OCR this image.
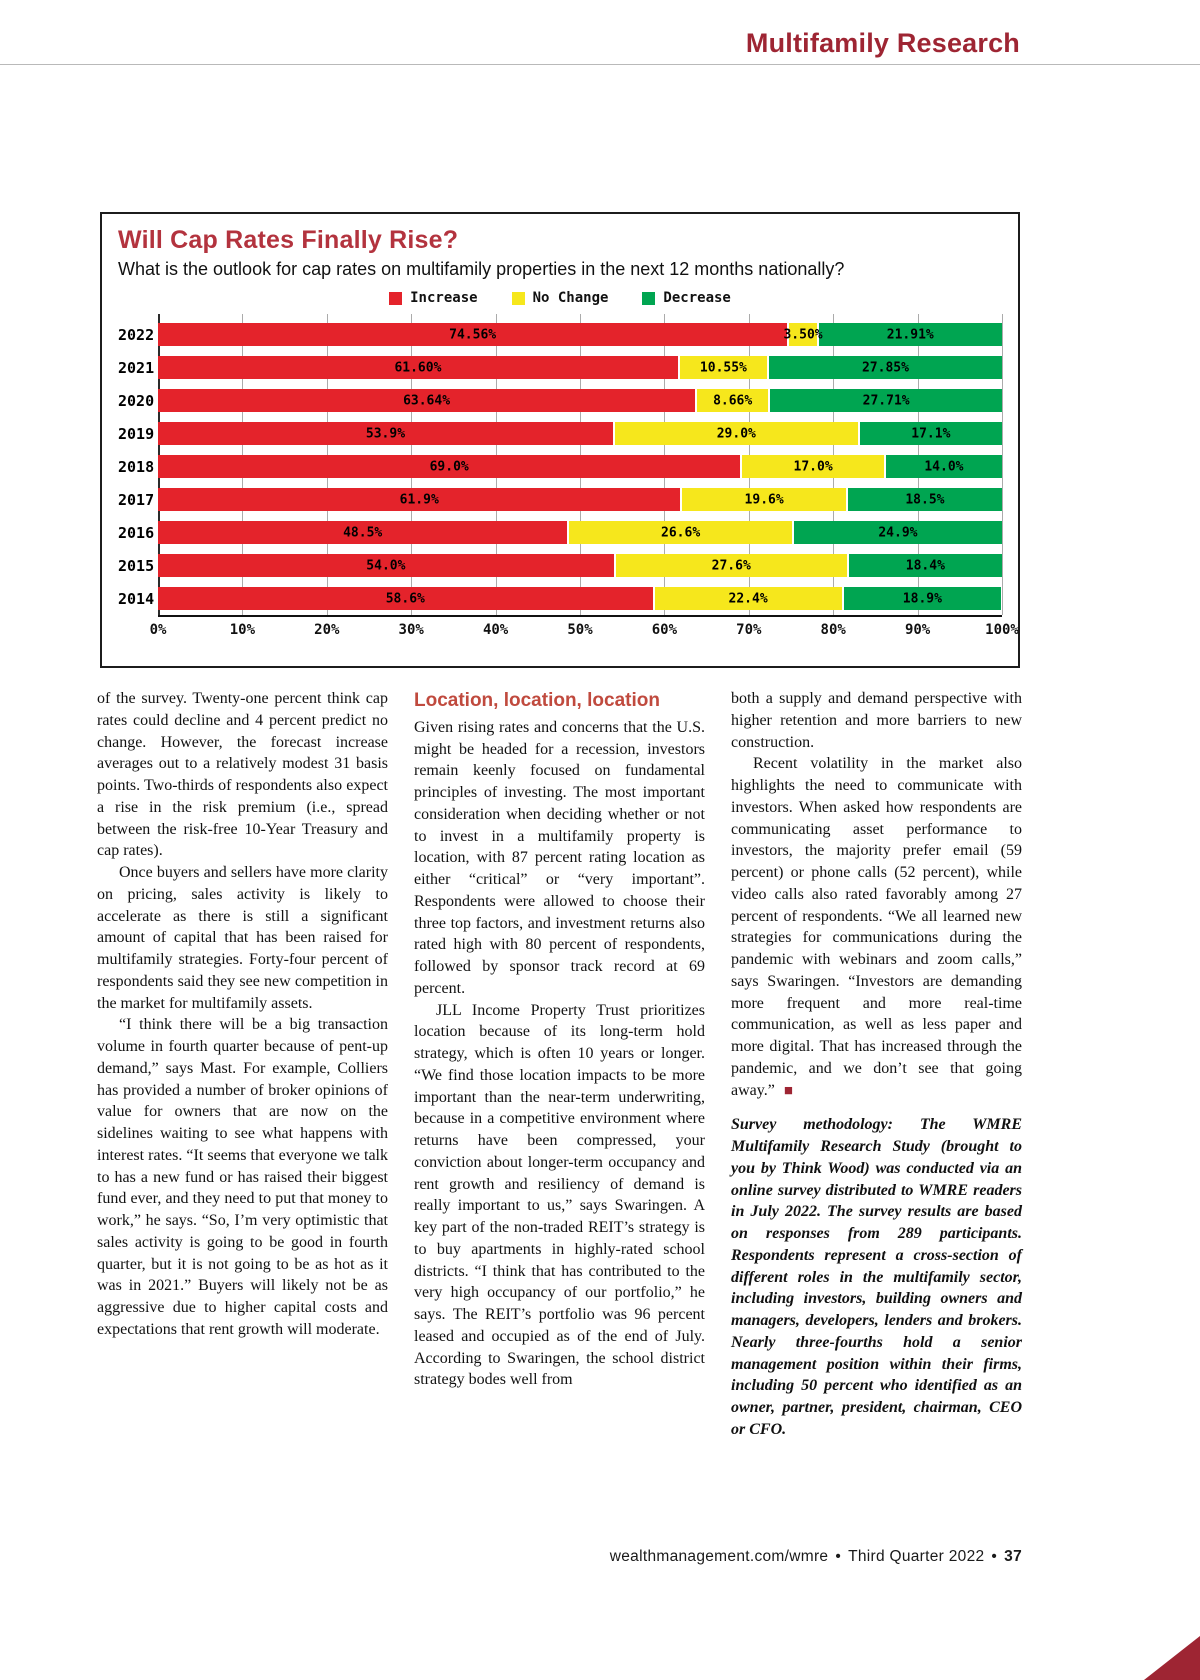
Multifamily Research
Will Cap Rates Finally Rise?
What is the outlook for cap rates on multifamily properties in the next 12 months nationally?
Increase	No Change	Decrease
2022	74.56%	3.50%	21.91%
2021	61.60%	10.55%	27.85%
2020	63.64%	8.66%	27.71%
2019	53.9%	29.0%	17.1%
2018	69.0%	17.0%	14.0%
2017	61.9%	19.6%	18.5%
2016	48.5%	26.6%	24.9%
2015	54.0%	27.6%	18.4%
2014	58.6%	22.4%	18.9%
0%	10%	20%	30%	40%	50%	60%	70%	80%	90%	100%

of the survey. Twenty-one percent think cap rates could decline and 4 percent predict no change. However, the forecast increase averages out to a relatively modest 31 basis points. Two-thirds of respondents also expect a rise in the risk premium (i.e., spread between the risk-free 10-Year Treasury and cap rates).

Once buyers and sellers have more clarity on pricing, sales activity is likely to accelerate as there is still a significant amount of capital that has been raised for multifamily strategies. Forty-four percent of respondents said they see new competition in the market for multifamily assets.

“I think there will be a big transaction volume in fourth quarter because of pent-up demand,” says Mast. For example, Colliers has provided a number of broker opinions of value for owners that are now on the sidelines waiting to see what happens with interest rates. “It seems that everyone we talk to has a new fund or has raised their biggest fund ever, and they need to put that money to work,” he says. “So, I’m very optimistic that sales activity is going to be good in fourth quarter, but it is not going to be as hot as it was in 2021.” Buyers will likely not be as aggressive due to higher capital costs and expectations that rent growth will moderate.

Location, location, location

Given rising rates and concerns that the U.S. might be headed for a recession, investors remain keenly focused on fundamental principles of investing. The most important consideration when deciding whether or not to invest in a multifamily property is location, with 87 percent rating location as either “critical” or “very important”. Respondents were allowed to choose their three top factors, and investment returns also rated high with 80 percent of respondents, followed by sponsor track record at 69 percent.

JLL Income Property Trust prioritizes location because of its long-term hold strategy, which is often 10 years or longer. “We find those location impacts to be more important than the near-term underwriting, because in a competitive environment where returns have been compressed, your conviction about longer-term occupancy and rent growth and resiliency of demand is really important to us,” says Swaringen. A key part of the non-traded REIT’s strategy is to buy apartments in highly-rated school districts. “I think that has contributed to the very high occupancy of our portfolio,” he says. The REIT’s portfolio was 96 percent leased and occupied as of the end of July. According to Swaringen, the school district strategy bodes well from

both a supply and demand perspective with higher retention and more barriers to new construction.

Recent volatility in the market also highlights the need to communicate with investors. When asked how respondents are communicating asset performance to investors, the majority prefer email (59 percent) or phone calls (52 percent), while video calls also rated favorably among 27 percent of respondents. “We all learned new strategies for communications during the pandemic with webinars and zoom calls,” says Swaringen. “Investors are demanding more frequent and more real-time communication, as well as less paper and more digital. That has increased through the pandemic, and we don’t see that going away.” ■

Survey methodology: The WMRE Multifamily Research Study (brought to you by Think Wood) was conducted via an online survey distributed to WMRE readers in July 2022. The survey results are based on responses from 289 participants. Respondents represent a cross-section of different roles in the multifamily sector, including investors, building owners and managers, developers, lenders and brokers. Nearly three-fourths hold a senior management position within their firms, including 50 percent who identified as an owner, partner, president, chairman, CEO or CFO.

wealthmanagement.com/wmre • Third Quarter 2022 • 37
